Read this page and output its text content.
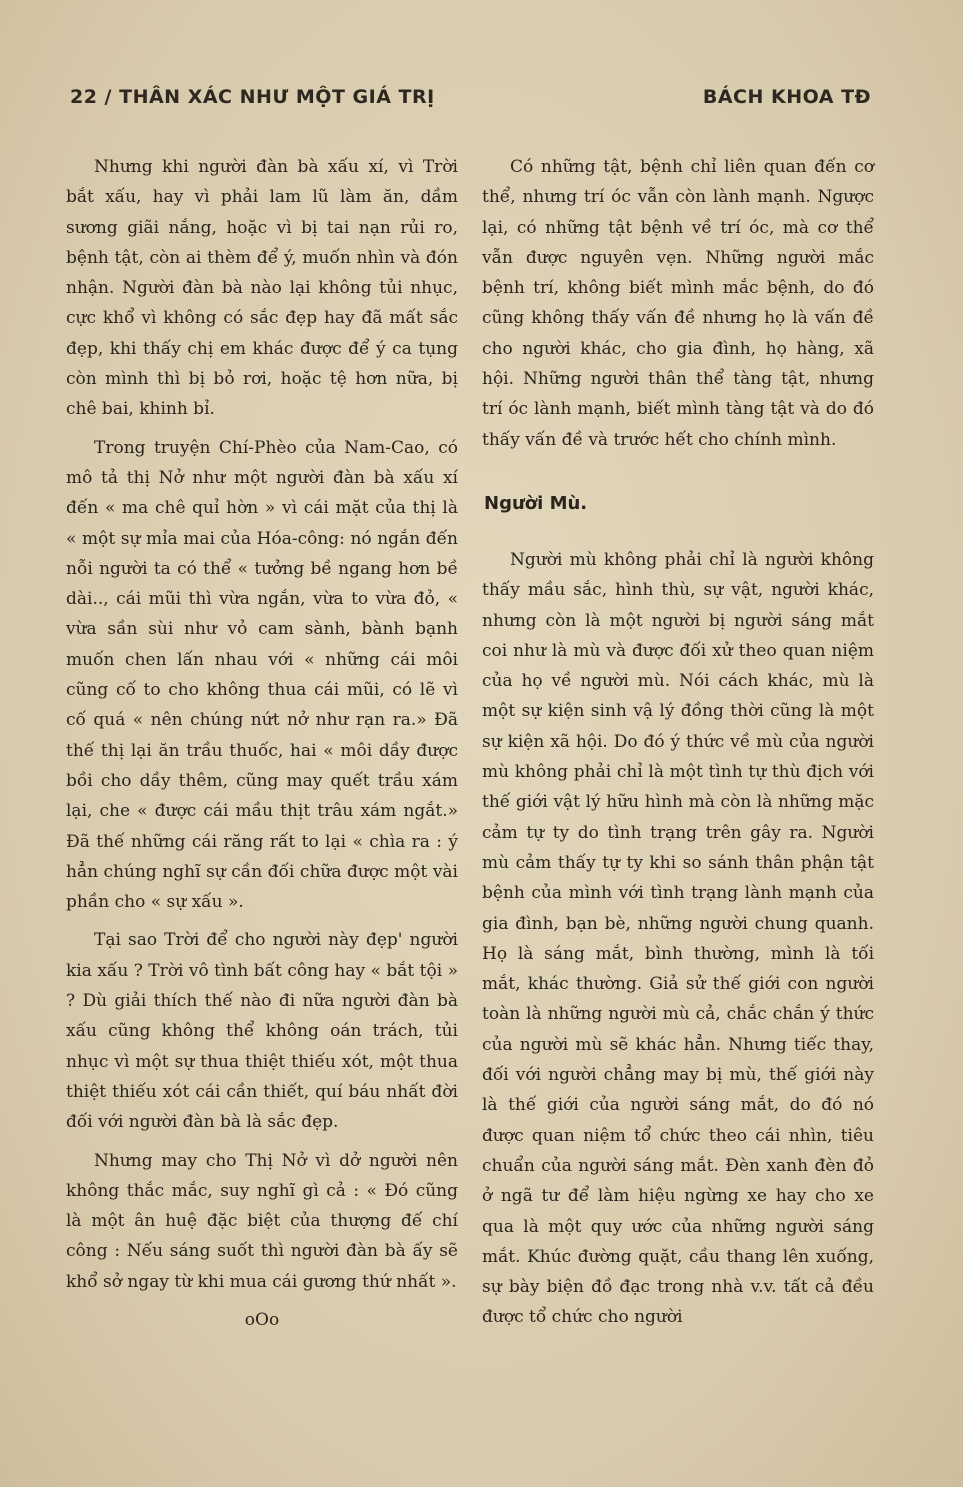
22 / THÂN XÁC NHƯ MỘT GIÁ TRỊ	BÁCH KHOA TĐ

Nhưng khi người đàn bà xấu xí, vì Trời bắt xấu, hay vì phải lam lũ làm ăn, dầm sương giãi nắng, hoặc vì bị tai nạn rủi ro, bệnh tật, còn ai thèm để ý, muốn nhìn và đón nhận. Người đàn bà nào lại không tủi nhục, cực khổ vì không có sắc đẹp hay đã mất sắc đẹp, khi thấy chị em khác được để ý ca tụng còn mình thì bị bỏ rơi, hoặc tệ hơn nữa, bị chê bai, khinh bỉ.

Trong truyện Chí-Phèo của Nam-Cao, có mô tả thị Nở như một người đàn bà xấu xí đến « ma chê quỉ hờn » vì cái mặt của thị là « một sự mỉa mai của Hóa-công: nó ngắn đến nỗi người ta có thể « tưởng bề ngang hơn bề dài.., cái mũi thì vừa ngắn, vừa to vừa đỏ, « vừa sần sùi như vỏ cam sành, bành bạnh muốn chen lấn nhau với « những cái môi cũng cố to cho không thua cái mũi, có lẽ vì cố quá « nên chúng nứt nở như rạn ra.» Đã thế thị lại ăn trầu thuốc, hai « môi dầy được bồi cho dầy thêm, cũng may quết trầu xám lại, che « được cái mầu thịt trâu xám ngắt.» Đã thế những cái răng rất to lại « chìa ra : ý hẳn chúng nghĩ sự cần đối chữa được một vài phần cho « sự xấu ».

Tại sao Trời để cho người này đẹp' người kia xấu ? Trời vô tình bất công hay « bắt tội » ? Dù giải thích thế nào đi nữa người đàn bà xấu cũng không thể không oán trách, tủi nhục vì một sự thua thiệt thiếu xót, một thua thiệt thiếu xót cái cần thiết, quí báu nhất đời đối với người đàn bà là sắc đẹp.

Nhưng may cho Thị Nở vì dở người nên không thắc mắc, suy nghĩ gì cả : « Đó cũng là một ân huệ đặc biệt của thượng đế chí công : Nếu sáng suốt thì người đàn bà ấy sẽ khổ sở ngay từ khi mua cái gương thứ nhất ».

oOo

Có những tật, bệnh chỉ liên quan đến cơ thể, nhưng trí óc vẫn còn lành mạnh. Ngược lại, có những tật bệnh về trí óc, mà cơ thể vẫn được nguyên vẹn. Những người mắc bệnh trí, không biết mình mắc bệnh, do đó cũng không thấy vấn đề nhưng họ là vấn đề cho người khác, cho gia đình, họ hàng, xã hội. Những người thân thể tàng tật, nhưng trí óc lành mạnh, biết mình tàng tật và do đó thấy vấn đề và trước hết cho chính mình.

Người Mù.

Người mù không phải chỉ là người không thấy mầu sắc, hình thù, sự vật, người khác, nhưng còn là một người bị người sáng mắt coi như là mù và được đối xử theo quan niệm của họ về người mù. Nói cách khác, mù là một sự kiện sinh vậ lý đồng thời cũng là một sự kiện xã hội. Do đó ý thức về mù của người mù không phải chỉ là một tình tự thù địch với thế giới vật lý hữu hình mà còn là những mặc cảm tự ty do tình trạng trên gây ra. Người mù cảm thấy tự ty khi so sánh thân phận tật bệnh của mình với tình trạng lành mạnh của gia đình, bạn bè, những người chung quanh. Họ là sáng mắt, bình thường, mình là tối mắt, khác thường. Giả sử thế giới con người toàn là những người mù cả, chắc chắn ý thức của người mù sẽ khác hẳn. Nhưng tiếc thay, đối với người chẳng may bị mù, thế giới này là thế giới của người sáng mắt, do đó nó được quan niệm tổ chức theo cái nhìn, tiêu chuẩn của người sáng mắt. Đèn xanh đèn đỏ ở ngã tư để làm hiệu ngừng xe hay cho xe qua là một quy ước của những người sáng mắt. Khúc đường quặt, cầu thang lên xuống, sự bày biện đồ đạc trong nhà v.v. tất cả đều được tổ chức cho người
